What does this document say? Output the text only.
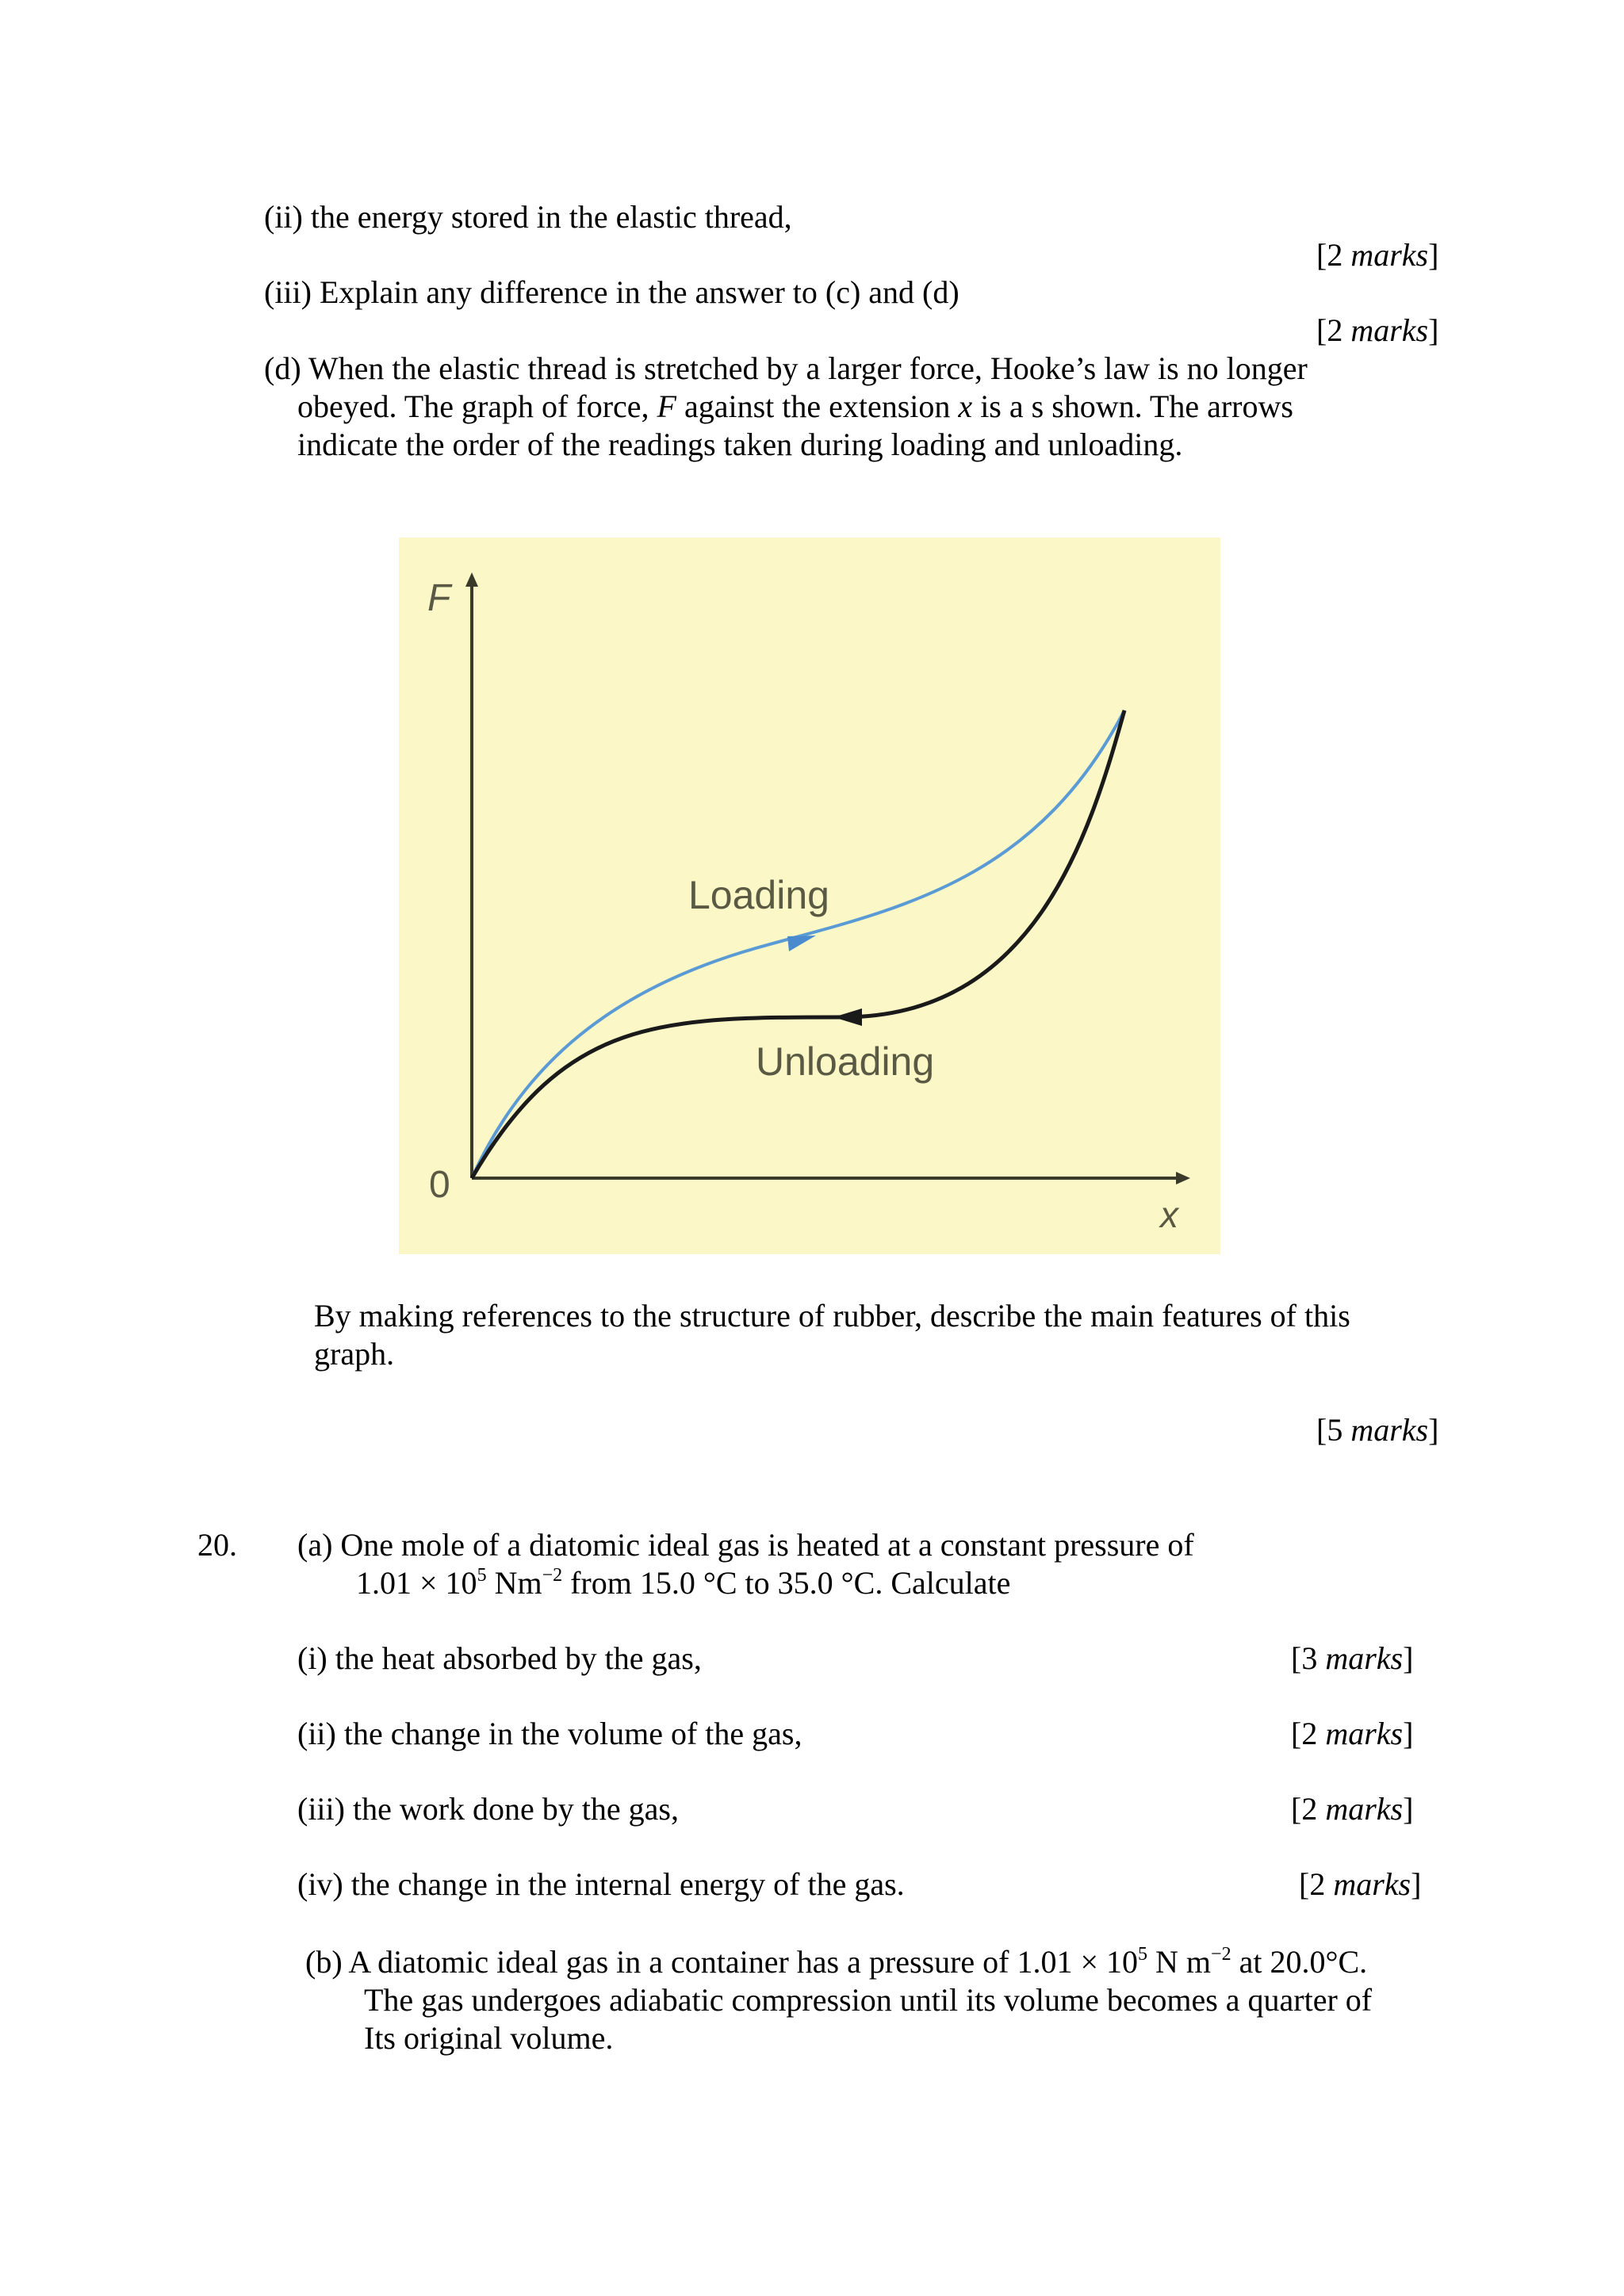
(ii) the energy stored in the elastic thread,
[2 marks]
(iii) Explain any difference in the answer to (c) and (d)
[2 marks]
(d) When the elastic thread is stretched by a larger force, Hooke’s law is no longer
obeyed. The graph of force, F against the extension x is a s shown. The arrows
indicate the order of the readings taken during loading and unloading.
F
x
0
Loading
Unloading
By making references to the structure of rubber, describe the main features of this
graph.
[5 marks]
20. (a) One mole of a diatomic ideal gas is heated at a constant pressure of
$1.01 \times 10^5$ $Nm^{-2}$ from 15.0 °C to 35.0 °C. Calculate
(i) the heat absorbed by the gas,	[3 marks]
(ii) the change in the volume of the gas,	[2 marks]
(iii) the work done by the gas,	[2 marks]
(iv) the change in the internal energy of the gas.	[2 marks]
(b) A diatomic ideal gas in a container has a pressure of $1.01 \times 10^5$ N $m^{-2}$ at 20.0°C.
The gas undergoes adiabatic compression until its volume becomes a quarter of
Its original volume.
